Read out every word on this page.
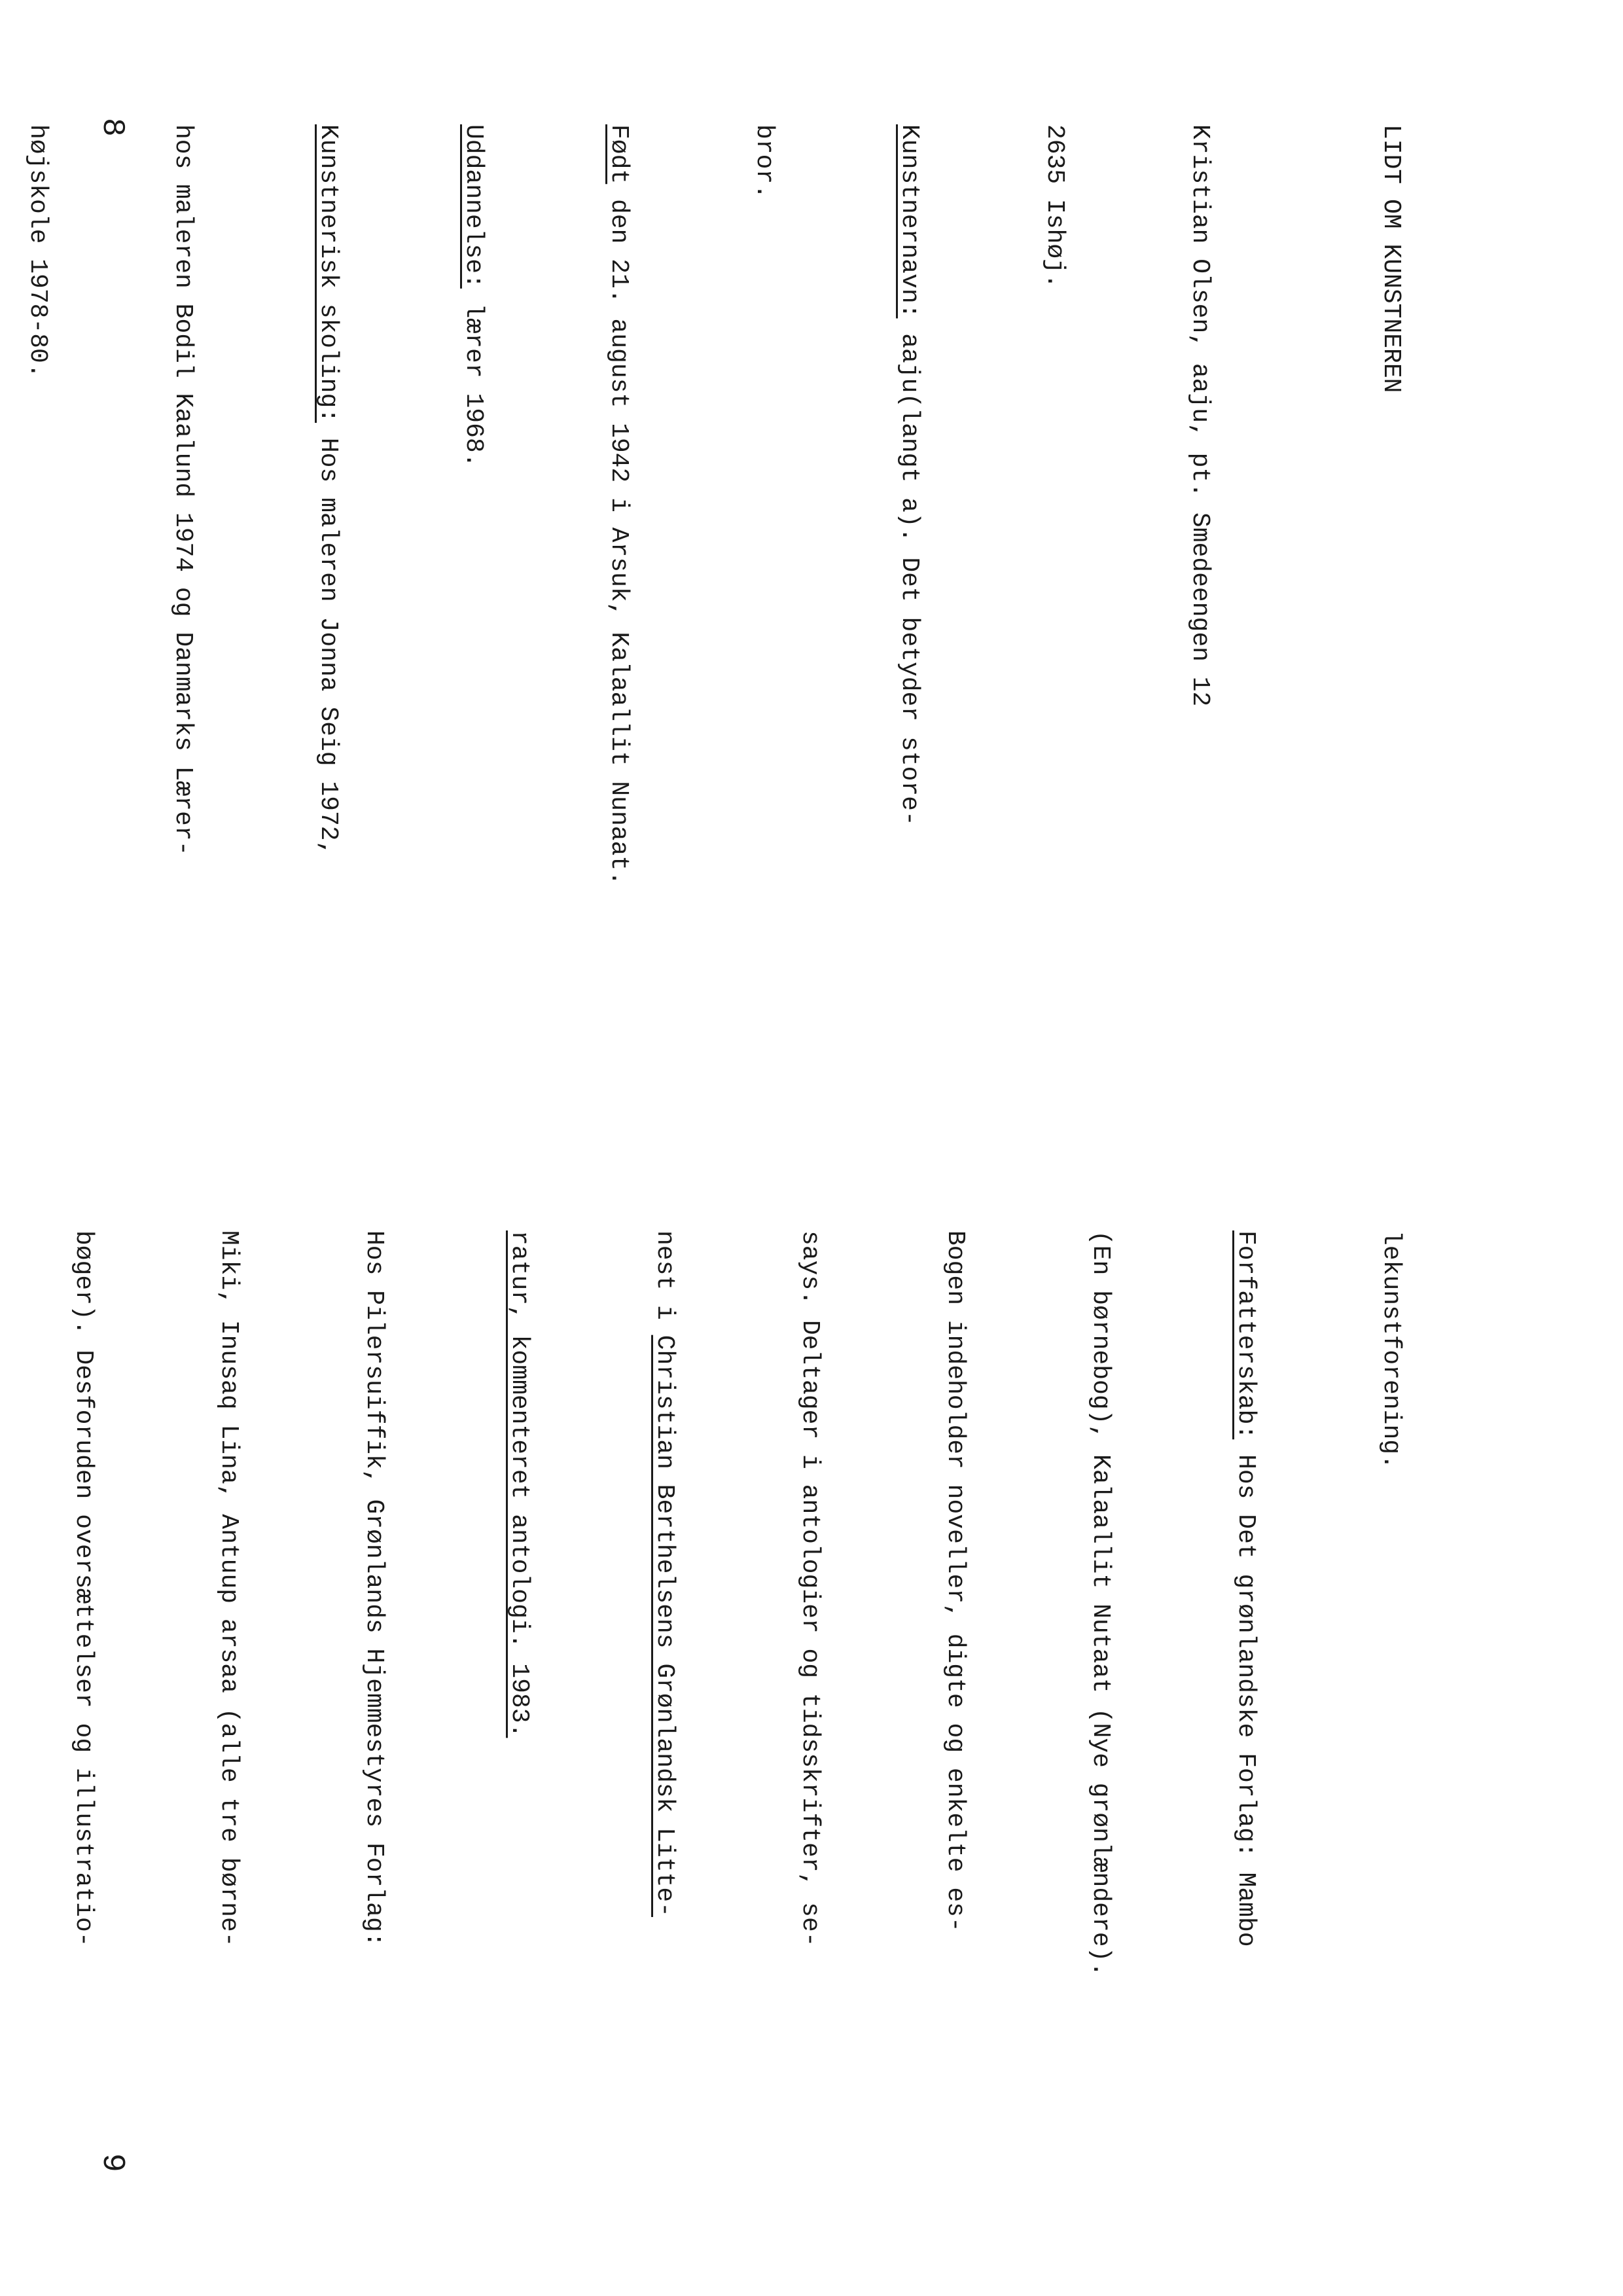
LIDT OM KUNSTNEREN

Kristian Olsen, aaju, pt. Smedeengen 12

2635 Ishøj.

Kunstnernavn: aaju(langt a). Det betyder store-

bror.

Født den 21. august 1942 i Arsuk, Kalaallit Nunaat.

Uddannelse: lærer 1968.

Kunstnerisk skoling: Hos maleren Jonna Seig 1972,

hos maleren Bodil Kaalund 1974 og Danmarks Lærer-

højskole 1978-80.

	8

lekunstforening.

Forfatterskab: Hos Det grønlandske Forlag: Mambo

(En børnebog), Kalaallit Nutaat (Nye grønlændere).

Bogen indeholder noveller, digte og enkelte es-

says. Deltager i antologier og tidsskrifter, se-

nest i Christian Berthelsens Grønlandsk Litte-

ratur, kommenteret antologi. 1983.

Hos Pilersuiffik, Grønlands Hjemmestyres Forlag:

Miki, Inusaq Lina, Antuup arsaa (alle tre børne-

bøger). Desforuden oversættelser og illustratio-

9
